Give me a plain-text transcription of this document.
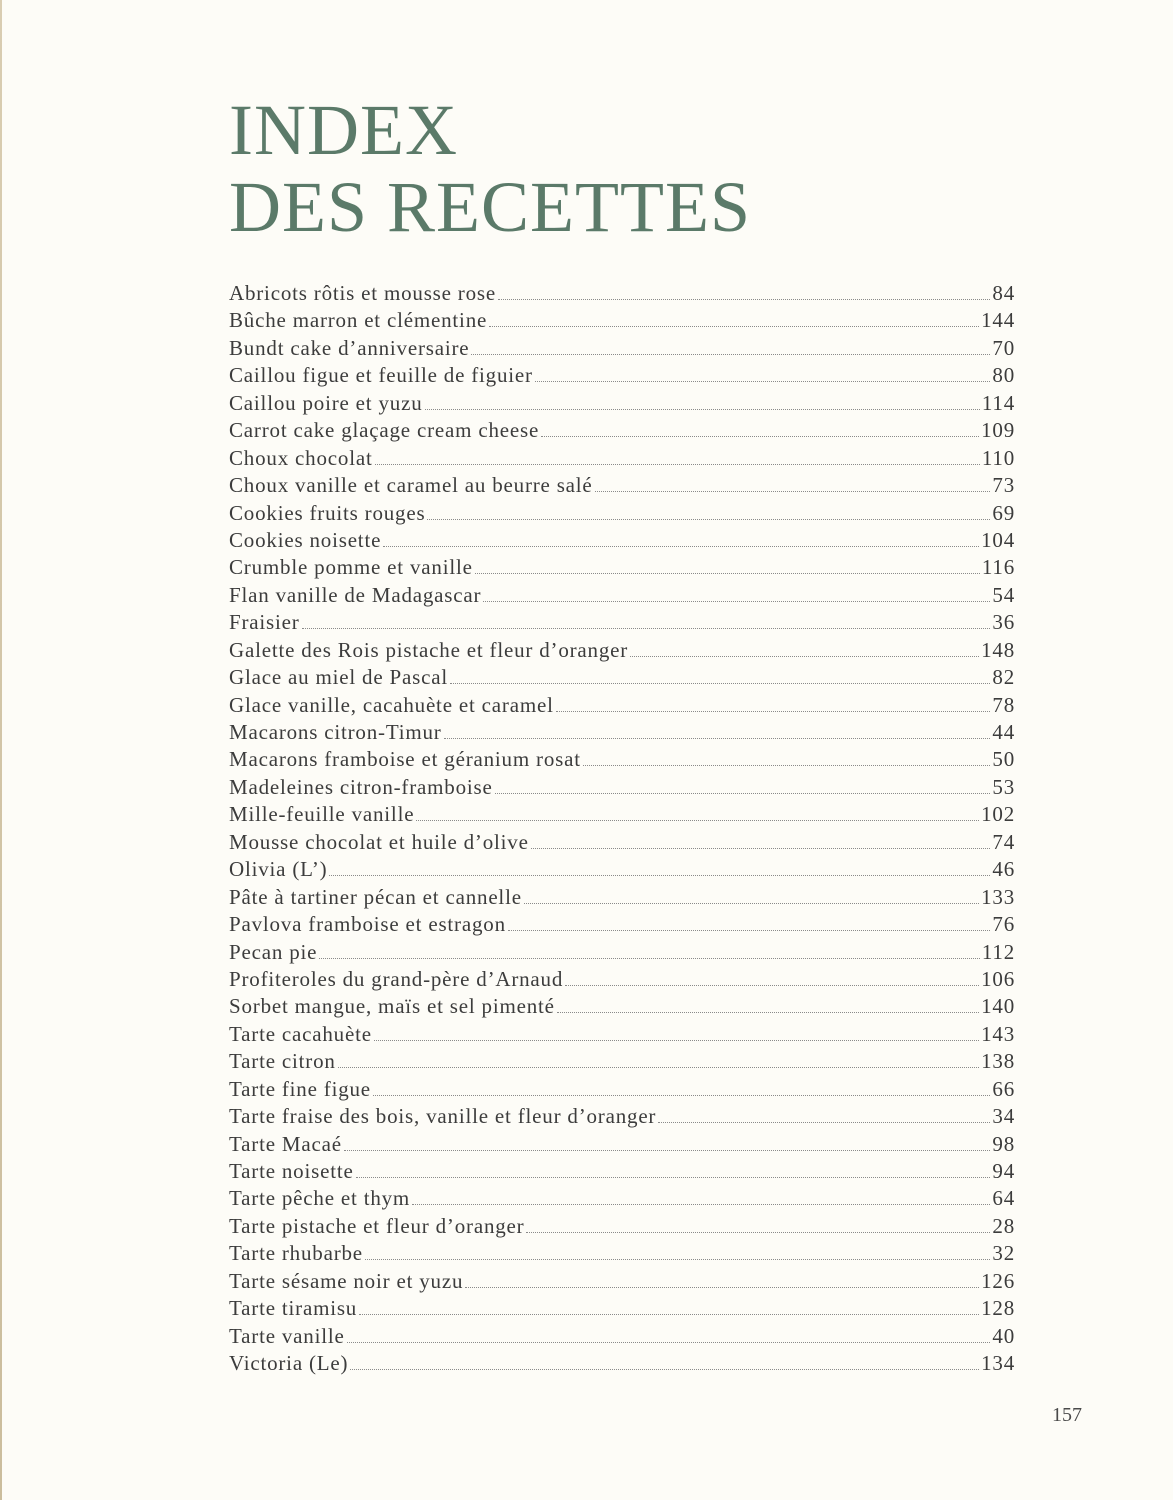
INDEX
DES RECETTES
Abricots rôtis et mousse rose	84
Bûche marron et clémentine	144
Bundt cake d’anniversaire	70
Caillou figue et feuille de figuier	80
Caillou poire et yuzu	114
Carrot cake glaçage cream cheese	109
Choux chocolat	110
Choux vanille et caramel au beurre salé	73
Cookies fruits rouges	69
Cookies noisette	104
Crumble pomme et vanille	116
Flan vanille de Madagascar	54
Fraisier	36
Galette des Rois pistache et fleur d’oranger	148
Glace au miel de Pascal	82
Glace vanille, cacahuète et caramel	78
Macarons citron-Timur	44
Macarons framboise et géranium rosat	50
Madeleines citron-framboise	53
Mille-feuille vanille	102
Mousse chocolat et huile d’olive	74
Olivia (L’)	46
Pâte à tartiner pécan et cannelle	133
Pavlova framboise et estragon	76
Pecan pie	112
Profiteroles du grand-père d’Arnaud	106
Sorbet mangue, maïs et sel pimenté	140
Tarte cacahuète	143
Tarte citron	138
Tarte fine figue	66
Tarte fraise des bois, vanille et fleur d’oranger	34
Tarte Macaé	98
Tarte noisette	94
Tarte pêche et thym	64
Tarte pistache et fleur d’oranger	28
Tarte rhubarbe	32
Tarte sésame noir et yuzu	126
Tarte tiramisu	128
Tarte vanille	40
Victoria (Le)	134

157
